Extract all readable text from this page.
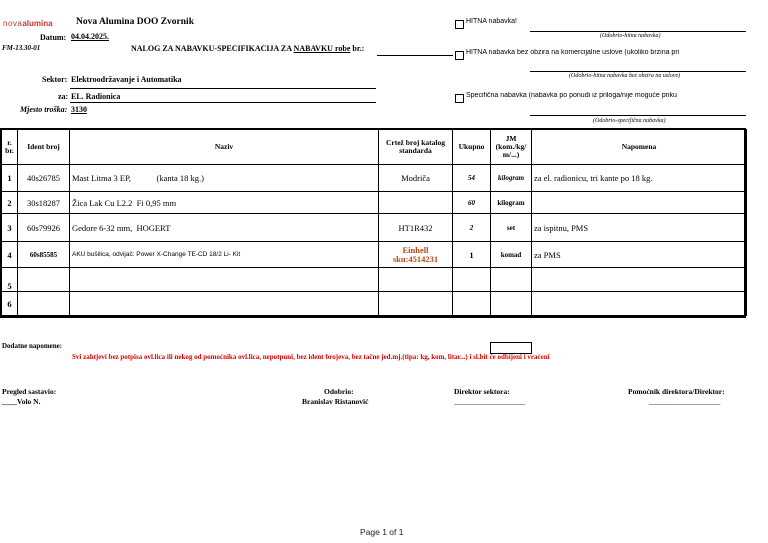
novaalumina Nova Alumina DOO Zvornik
Datum: 04.04.2025.
FM-13.30-01	NALOG ZA NABAVKU-SPECIFIKACIJA ZA NABAVKU robe br.:
Sektor: Elektroodržavanje i Automatika
za: EL. Radionica
Mjesto troška: 3130
HITNA nabavka!
(Odobrio-hitna nabavka)
HITNA nabavka bez obzira na komercijalne uslove (ukoliko brzina pri
(Odobrio-hitna nabavka bez obzira na uslove)
Specifična nabavka (nabavka po ponudi iz priloga/nije moguće priku
(Odobrio-specifična nabavka)
r. br.	Ident broj	Naziv	Crtež broj katalog standarda	Ukupno	JM (kom./kg/ m/...)	Napomena
1	40s26785	Mast Litma 3 EP,            (kanta 18 kg.)	Modriča	54	kilogram	za el. radionicu, tri kante po 18 kg.
2	30s18287	Žica Lak Cu L2.2  Fi 0,95 mm		60	kilogram	
3	60s79926	Gedore 6-32 mm,  HOGERT	HT1R432	2	set	za ispitnu, PMS
4	60s85585	AKU bušilica, odvijač: Power X-Change TE-CD 18/2 Li- Kit	Einhell sku:4514231	1	komad	za PMS
5						
6						
Dodatne napomene:
Svi zahtjevi bez potpisa ovl.lica ili nekog od pomoćnika ovl.lica, nepotpuni, bez ident brojeva, bez tačne jed.mj.(tipa: kg, kom, litar...) i sl.bit će odbijeni i vraćeni
Pregled sastavio:
____Volo N.
Odobrio:
Branislav Ristanović
Direktor sektora:
___________________
Pomoćnik direktora/Direktor:
___________________
Page 1 of 1
